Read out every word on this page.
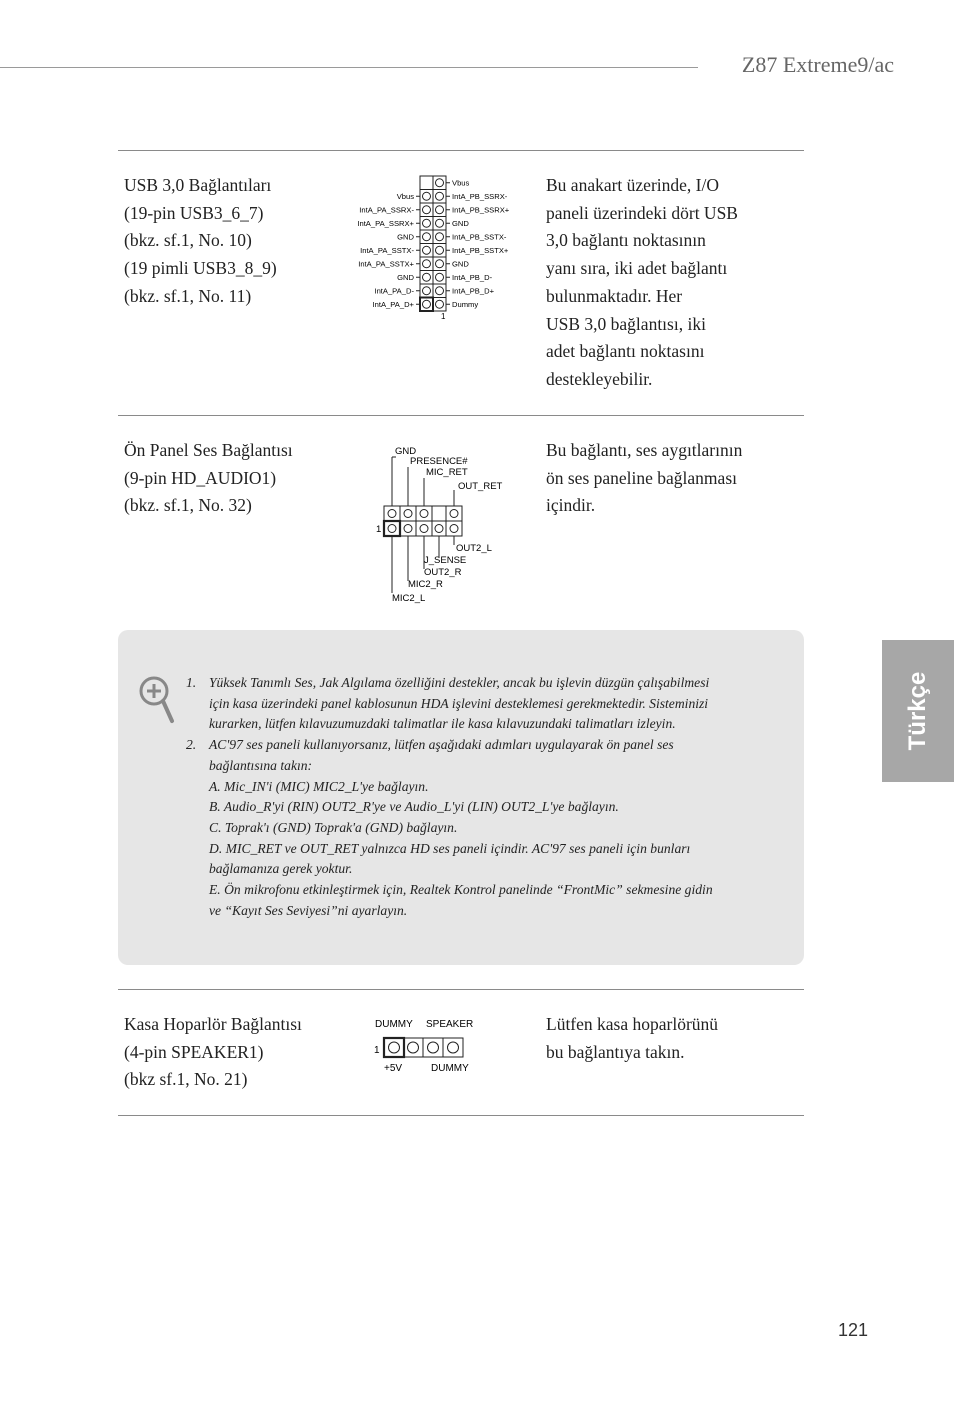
Z87 Extreme9/ac
USB 3,0 Bağlantıları
(19-pin USB3_6_7)
(bkz. sf.1, No. 10)
(19 pimli USB3_8_9)
(bkz. sf.1, No. 11)
Vbus
IntA_PA_SSRX-
IntA_PA_SSRX+
GND
IntA_PA_SSTX-
IntA_PA_SSTX+
GND
IntA_PA_D-
IntA_PA_D+
Vbus
IntA_PB_SSRX-
IntA_PB_SSRX+
GND
IntA_PB_SSTX-
IntA_PB_SSTX+
GND
IntA_PB_D-
IntA_PB_D+
Dummy
1
Bu anakart üzerinde, I/O
paneli üzerindeki dört USB
3,0 bağlantı noktasının
yanı sıra, iki adet bağlantı
bulunmaktadır. Her
USB 3,0 bağlantısı, iki
adet bağlantı noktasını
destekleyebilir.
Ön Panel Ses Bağlantısı
(9-pin HD_AUDIO1)
(bkz. sf.1, No. 32)
GND
PRESENCE#
MIC_RET
OUT_RET
1
OUT2_L
J_SENSE
OUT2_R
MIC2_R
MIC2_L
Bu bağlantı, ses aygıtlarının
ön ses paneline bağlanması
içindir.
1. Yüksek Tanımlı Ses, Jak Algılama özelliğini destekler, ancak bu işlevin düzgün çalışabilmesi
için kasa üzerindeki panel kablosunun HDA işlevini desteklemesi gerekmektedir. Sisteminizi
kurarken, lütfen kılavuzumuzdaki talimatlar ile kasa kılavuzundaki talimatları izleyin.
2. AC'97 ses paneli kullanıyorsanız, lütfen aşağıdaki adımları uygulayarak ön panel ses
bağlantısına takın:
A. Mic_IN'i (MIC) MIC2_L'ye bağlayın.
B. Audio_R'yi (RIN) OUT2_R'ye ve Audio_L'yi (LIN) OUT2_L'ye bağlayın.
C. Toprak'ı (GND) Toprak'a (GND) bağlayın.
D. MIC_RET ve OUT_RET yalnızca HD ses paneli içindir. AC'97 ses paneli için bunları
bağlamanıza gerek yoktur.
E. Ön mikrofonu etkinleştirmek için, Realtek Kontrol panelinde “FrontMic” sekmesine gidin
ve “Kayıt Ses Seviyesi”ni ayarlayın.
Kasa Hoparlör Bağlantısı
(4-pin SPEAKER1)
(bkz sf.1, No. 21)
DUMMY SPEAKER
1
+5V	DUMMY
Lütfen kasa hoparlörünü
bu bağlantıya takın.
Türkçe
121
